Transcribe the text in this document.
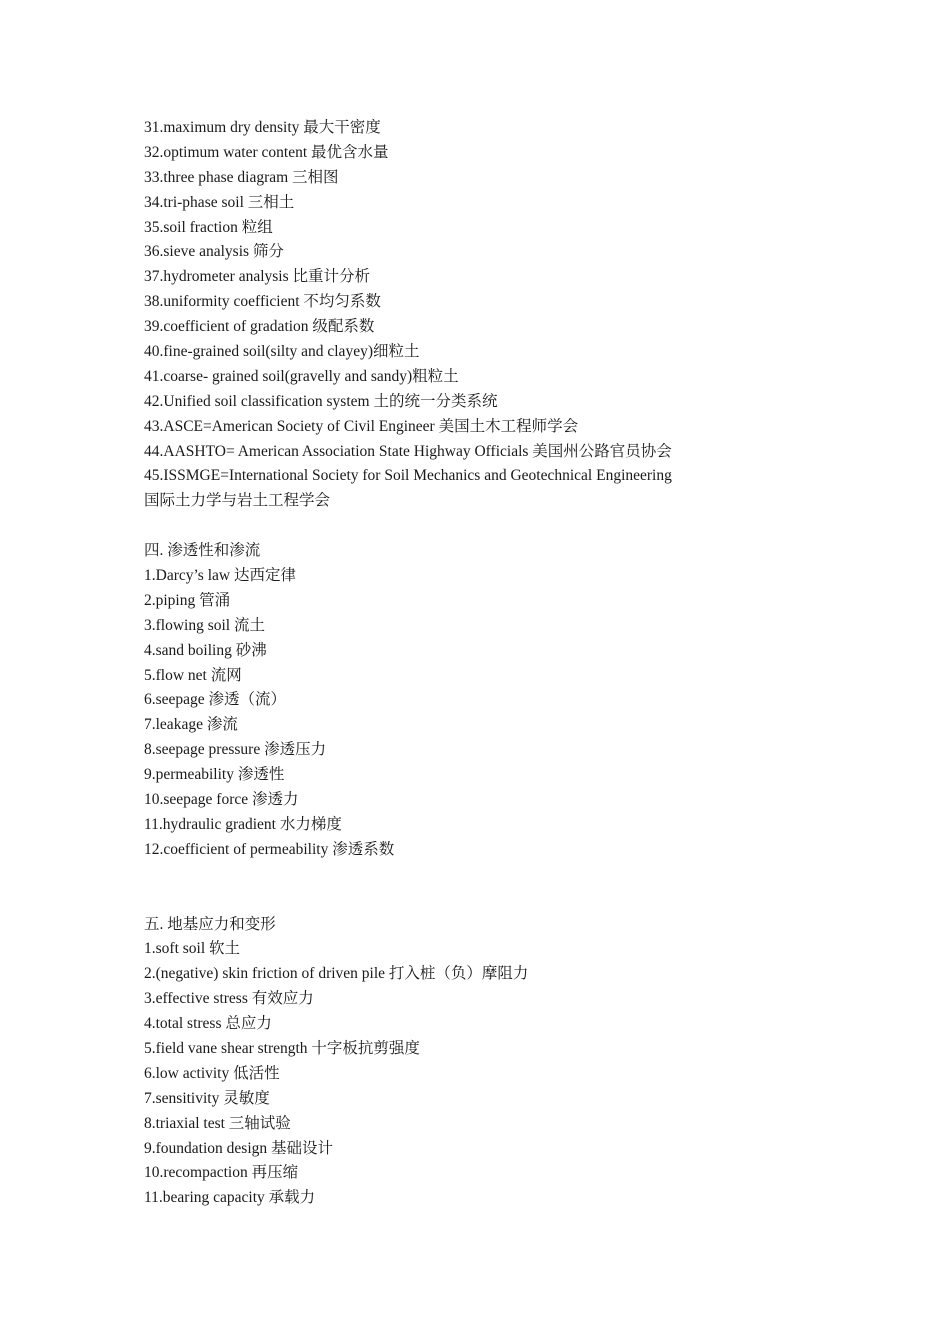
31.maximum dry density 最大干密度
32.optimum water content 最优含水量
33.three phase diagram 三相图
34.tri-phase soil 三相土
35.soil fraction 粒组
36.sieve analysis 筛分
37.hydrometer analysis 比重计分析
38.uniformity coefficient 不均匀系数
39.coefficient of gradation 级配系数
40.fine-grained soil(silty and clayey)细粒土
41.coarse- grained soil(gravelly and sandy)粗粒土
42.Unified soil classification system 土的统一分类系统
43.ASCE=American Society of Civil Engineer 美国土木工程师学会
44.AASHTO= American Association State Highway Officials 美国州公路官员协会
45.ISSMGE=International Society for Soil Mechanics and Geotechnical Engineering
国际土力学与岩土工程学会
四. 渗透性和渗流
1.Darcy’s law 达西定律
2.piping 管涌
3.flowing soil 流土
4.sand boiling 砂沸
5.flow net 流网
6.seepage 渗透（流）
7.leakage 渗流
8.seepage pressure 渗透压力
9.permeability 渗透性
10.seepage force 渗透力
11.hydraulic gradient 水力梯度
12.coefficient of permeability 渗透系数
五. 地基应力和变形
1.soft soil 软土
2.(negative) skin friction of driven pile 打入桩（负）摩阻力
3.effective stress 有效应力
4.total stress 总应力
5.field vane shear strength 十字板抗剪强度
6.low activity 低活性
7.sensitivity 灵敏度
8.triaxial test 三轴试验
9.foundation design 基础设计
10.recompaction 再压缩
11.bearing capacity 承载力
